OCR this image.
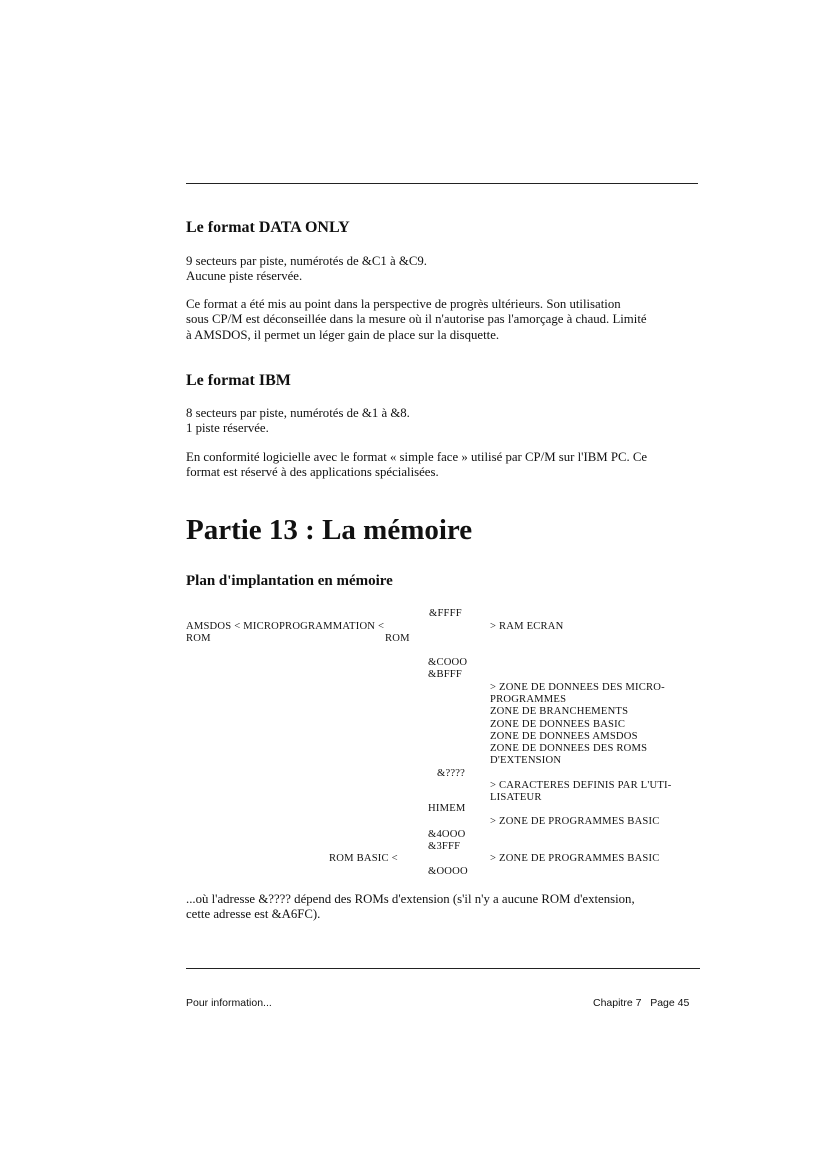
Le format DATA ONLY

9 secteurs par piste, numérotés de &C1 à &C9.
Aucune piste réservée.

Ce format a été mis au point dans la perspective de progrès ultérieurs. Son utilisation
sous CP/M est déconseillée dans la mesure où il n'autorise pas l'amorçage à chaud. Limité
à AMSDOS, il permet un léger gain de place sur la disquette.

Le format IBM

8 secteurs par piste, numérotés de &1 à &8.
1 piste réservée.

En conformité logicielle avec le format « simple face » utilisé par CP/M sur l'IBM PC. Ce
format est réservé à des applications spécialisées.

Partie 13 : La mémoire
Plan d'implantation en mémoire
AMSDOS < MICROPROGRAMMATION <
ROM	ROM
ROM BASIC <
&FFFF
&COOO
&BFFF
&????
HIMEM
&4OOO
&3FFF
&OOOO
> RAM ECRAN
> ZONE DE DONNEES DES MICRO-
PROGRAMMES
ZONE DE BRANCHEMENTS
ZONE DE DONNEES BASIC
ZONE DE DONNEES AMSDOS
ZONE DE DONNEES DES ROMS
D'EXTENSION
> CARACTERES DEFINIS PAR L'UTI-
LISATEUR
> ZONE DE PROGRAMMES BASIC
> ZONE DE PROGRAMMES BASIC

...où l'adresse &???? dépend des ROMs d'extension (s'il n'y a aucune ROM d'extension,
cette adresse est &A6FC).

Pour information...	Chapitre 7   Page 45
